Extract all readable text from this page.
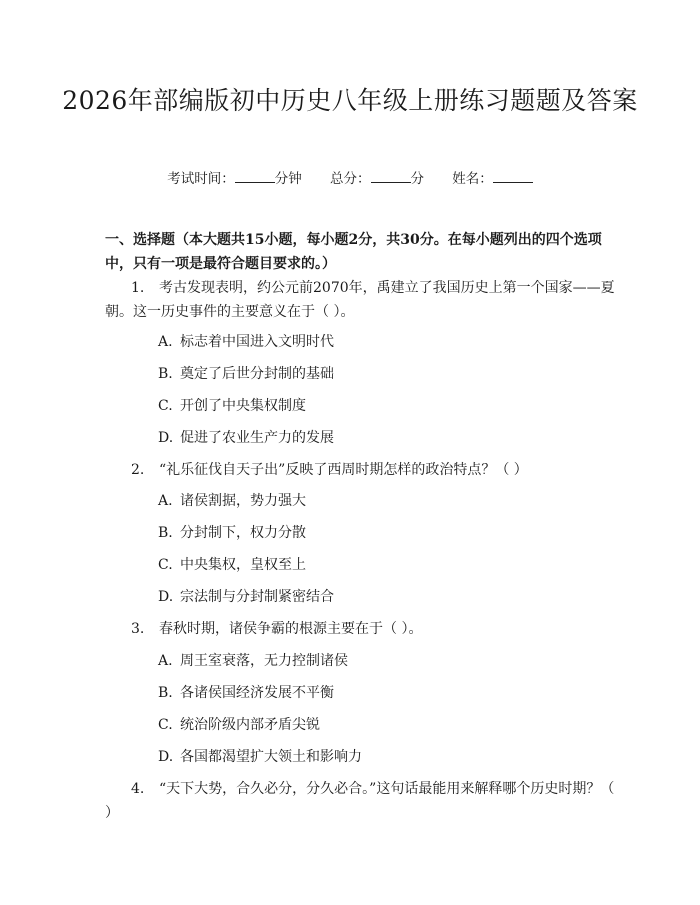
2026年部编版初中历史八年级上册练习题题及答案
考试时间：	分钟 总分：	分 姓名：
一、选择题（本大题共15小题，每小题2分，共30分。在每小题列出的四个选项中，只有一项是最符合题目要求的。）
1. 考古发现表明，约公元前2070年，禹建立了我国历史上第一个国家——夏朝。这一历史事件的主要意义在于（ ）。
A. 标志着中国进入文明时代
B. 奠定了后世分封制的基础
C. 开创了中央集权制度
D. 促进了农业生产力的发展
2. “礼乐征伐自天子出”反映了西周时期怎样的政治特点？（ ）
A. 诸侯割据，势力强大
B. 分封制下，权力分散
C. 中央集权，皇权至上
D. 宗法制与分封制紧密结合
3. 春秋时期，诸侯争霸的根源主要在于（ ）。
A. 周王室衰落，无力控制诸侯
B. 各诸侯国经济发展不平衡
C. 统治阶级内部矛盾尖锐
D. 各国都渴望扩大领土和影响力
4. “天下大势，合久必分，分久必合。”这句话最能用来解释哪个历史时期？（ ）
